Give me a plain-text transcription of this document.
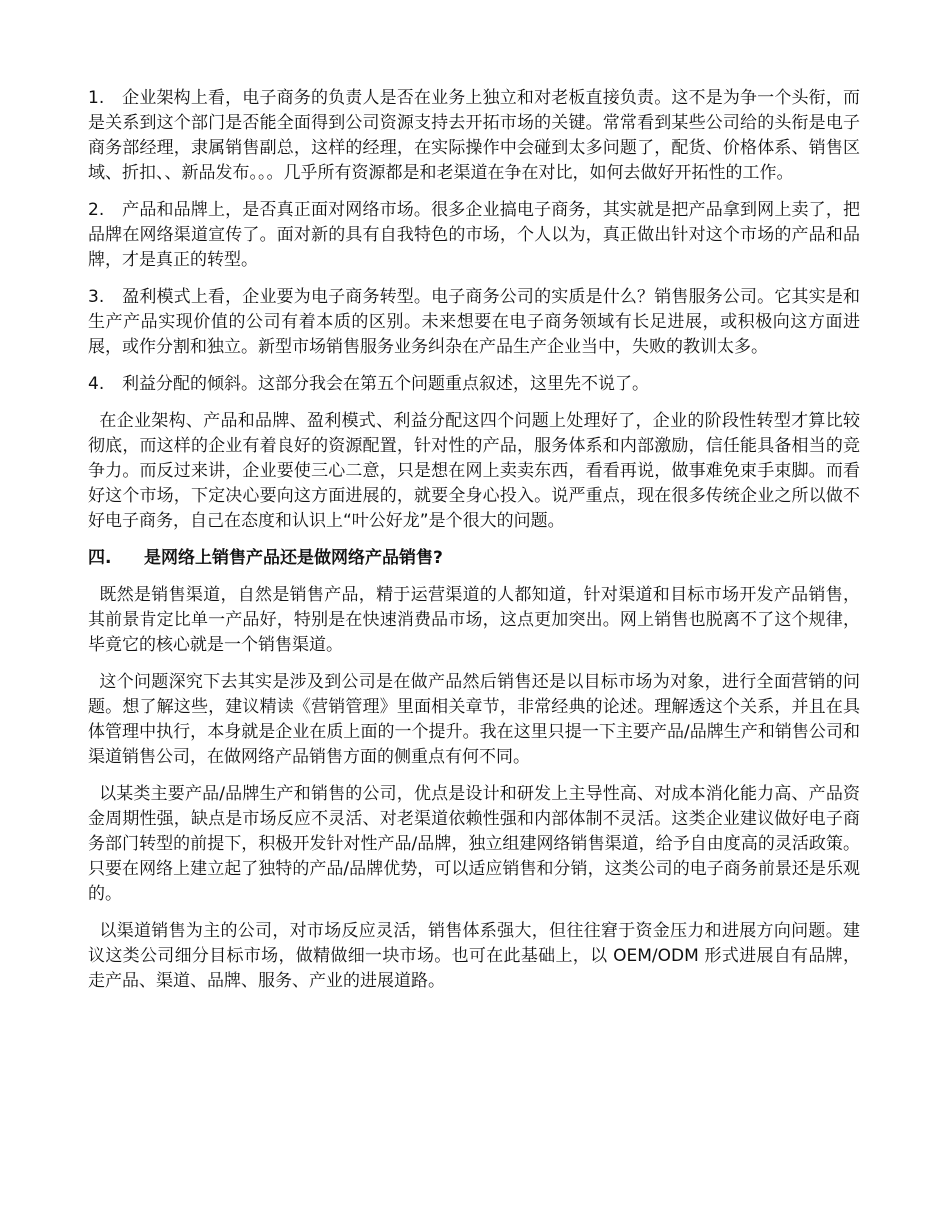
1. 企业架构上看，电子商务的负责人是否在业务上独立和对老板直接负责。这不是为争一个头衔，而是关系到这个部门是否能全面得到公司资源支持去开拓市场的关键。常常看到某些公司给的头衔是电子商务部经理，隶属销售副总，这样的经理，在实际操作中会碰到太多问题了，配货、价格体系、销售区域、折扣、、新品发布。。。几乎所有资源都是和老渠道在争在对比，如何去做好开拓性的工作。

2. 产品和品牌上，是否真正面对网络市场。很多企业搞电子商务，其实就是把产品拿到网上卖了，把品牌在网络渠道宣传了。面对新的具有自我特色的市场，个人以为，真正做出针对这个市场的产品和品牌，才是真正的转型。

3. 盈利模式上看，企业要为电子商务转型。电子商务公司的实质是什么？销售服务公司。它其实是和生产产品实现价值的公司有着本质的区别。未来想要在电子商务领域有长足进展，或积极向这方面进展，或作分割和独立。新型市场销售服务业务纠杂在产品生产企业当中，失败的教训太多。

4. 利益分配的倾斜。这部分我会在第五个问题重点叙述，这里先不说了。

在企业架构、产品和品牌、盈利模式、利益分配这四个问题上处理好了，企业的阶段性转型才算比较彻底，而这样的企业有着良好的资源配置，针对性的产品，服务体系和内部激励，信任能具备相当的竞争力。而反过来讲，企业要使三心二意，只是想在网上卖卖东西，看看再说，做事难免束手束脚。而看好这个市场，下定决心要向这方面进展的，就要全身心投入。说严重点，现在很多传统企业之所以做不好电子商务，自己在态度和认识上“叶公好龙”是个很大的问题。

四. 是网络上销售产品还是做网络产品销售?

既然是销售渠道，自然是销售产品，精于运营渠道的人都知道，针对渠道和目标市场开发产品销售，其前景肯定比单一产品好，特别是在快速消费品市场，这点更加突出。网上销售也脱离不了这个规律，毕竟它的核心就是一个销售渠道。

这个问题深究下去其实是涉及到公司是在做产品然后销售还是以目标市场为对象，进行全面营销的问题。想了解这些，建议精读《营销管理》里面相关章节，非常经典的论述。理解透这个关系，并且在具体管理中执行，本身就是企业在质上面的一个提升。我在这里只提一下主要产品/品牌生产和销售公司和渠道销售公司，在做网络产品销售方面的侧重点有何不同。

以某类主要产品/品牌生产和销售的公司，优点是设计和研发上主导性高、对成本消化能力高、产品资金周期性强，缺点是市场反应不灵活、对老渠道依赖性强和内部体制不灵活。这类企业建议做好电子商务部门转型的前提下，积极开发针对性产品/品牌，独立组建网络销售渠道，给予自由度高的灵活政策。只要在网络上建立起了独特的产品/品牌优势，可以适应销售和分销，这类公司的电子商务前景还是乐观的。

以渠道销售为主的公司，对市场反应灵活，销售体系强大，但往往窘于资金压力和进展方向问题。建议这类公司细分目标市场，做精做细一块市场。也可在此基础上，以 OEM/ODM 形式进展自有品牌，走产品、渠道、品牌、服务、产业的进展道路。
